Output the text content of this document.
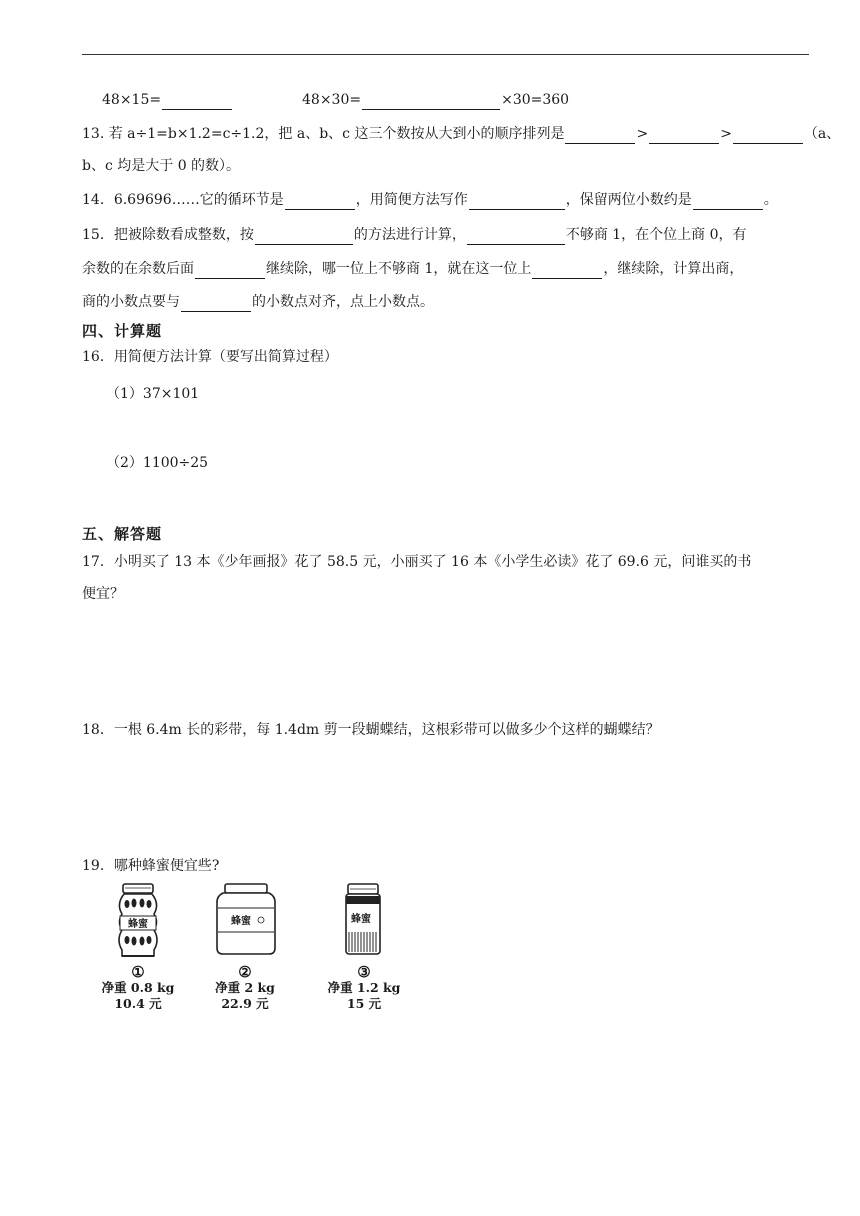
48×15=	48×30=	×30=360
13. 若 a÷1=b×1.2=c÷1.2，把 a、b、c 这三个数按从大到小的顺序排列是	>	>	（a、
b、c 均是大于 0 的数）。
14．6.69696……它的循环节是	，用简便方法写作	，保留两位小数约是	。
15．把被除数看成整数，按	的方法进行计算，	不够商 1，在个位上商 0，有
余数的在余数后面	继续除，哪一位上不够商 1，就在这一位上	，继续除，计算出商，
商的小数点要与	的小数点对齐，点上小数点。
四、计算题
16．用简便方法计算（要写出简算过程）
（1）37×101
（2）1100÷25
五、解答题
17．小明买了 13 本《少年画报》花了 58.5 元，小丽买了 16 本《小学生必读》花了 69.6 元，问谁买的书
便宜？
18．一根 6.4m 长的彩带，每 1.4dm 剪一段蝴蝶结，这根彩带可以做多少个这样的蝴蝶结？
19．哪种蜂蜜便宜些?
蜂蜜	蜂蜜	蜂蜜
①
净重 0.8 kg
10.4 元
②
净重 2 kg
22.9 元
③
净重 1.2 kg
15 元
